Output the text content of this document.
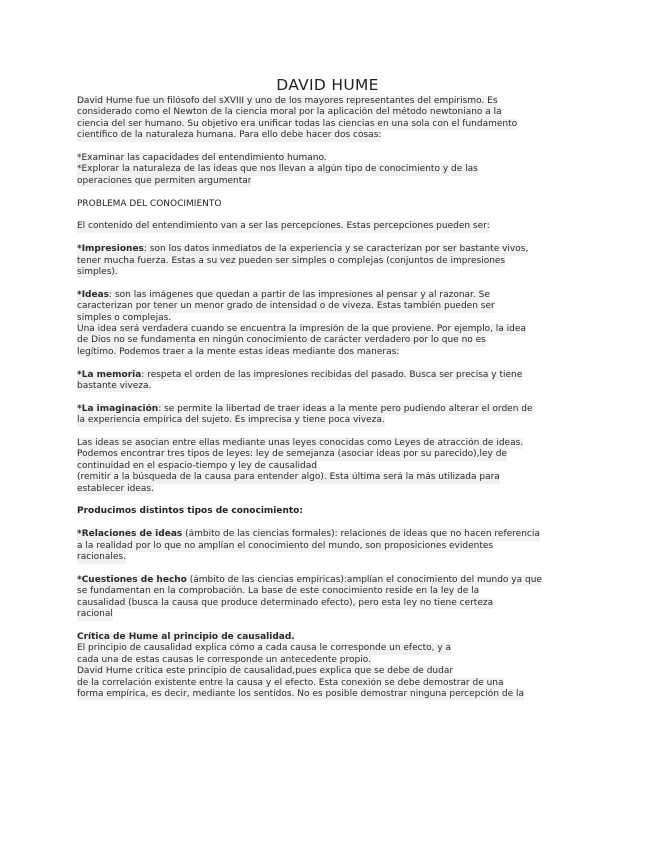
DAVID HUME
David Hume fue un filósofo del sXVIII y uno de los mayores representantes del empirismo. Es
considerado como el Newton de la ciencia moral por la aplicación del método newtoniano a la
ciencia del ser humano. Su objetivo era unificar todas las ciencias en una sola con el fundamento
científico de la naturaleza humana. Para ello debe hacer dos cosas:
*Examinar las capacidades del entendimiento humano.
*Explorar la naturaleza de las ideas que nos llevan a algún tipo de conocimiento y de las
operaciones que permiten argumentar
PROBLEMA DEL CONOCIMIENTO
El contenido del entendimiento van a ser las percepciones. Estas percepciones pueden ser:
*Impresiones: son los datos inmediatos de la experiencia y se caracterizan por ser bastante vivos,
tener mucha fuerza. Estas a su vez pueden ser simples o complejas (conjuntos de impresiones
simples).
*Ideas: son las imágenes que quedan a partir de las impresiones al pensar y al razonar. Se
caracterizan por tener un menor grado de intensidad o de viveza. Estas también pueden ser
simples o complejas.
Una idea será verdadera cuando se encuentra la impresión de la que proviene. Por ejemplo, la idea
de Dios no se fundamenta en ningún conocimiento de carácter verdadero por lo que no es
legítimo. Podemos traer a la mente estas ideas mediante dos maneras:
*La memoria: respeta el orden de las impresiones recibidas del pasado. Busca ser precisa y tiene
bastante viveza.
*La imaginación: se permite la libertad de traer ideas a la mente pero pudiendo alterar el orden de
la experiencia empírica del sujeto. Es imprecisa y tiene poca viveza.
Las ideas se asocian entre ellas mediante unas leyes conocidas como Leyes de atracción de ideas.
Podemos encontrar tres tipos de leyes: ley de semejanza (asociar ideas por su parecido),ley de
continuidad en el espacio-tiempo y ley de causalidad
(remitir a la búsqueda de la causa para entender algo). Esta última será la más utilizada para
establecer ideas.
Producimos distintos tipos de conocimiento:
*Relaciones de ideas (ámbito de las ciencias formales): relaciones de ideas que no hacen referencia
a la realidad por lo que no amplían el conocimiento del mundo, son proposiciones evidentes
racionales.
*Cuestiones de hecho (ámbito de las ciencias empíricas):amplían el conocimiento del mundo ya que
se fundamentan en la comprobación. La base de este conocimiento reside en la ley de la
causalidad (busca la causa que produce determinado efecto), pero esta ley no tiene certeza
racional
Crítica de Hume al principio de causalidad.
El principio de causalidad explica cómo a cada causa le corresponde un efecto, y a
cada una de estas causas le corresponde un antecedente propio.
David Hume crítica este principio de causalidad,pues explica que se debe de dudar
de la correlación existente entre la causa y el efecto. Esta conexión se debe demostrar de una
forma empírica, es decir, mediante los sentidos. No es posible demostrar ninguna percepción de la
